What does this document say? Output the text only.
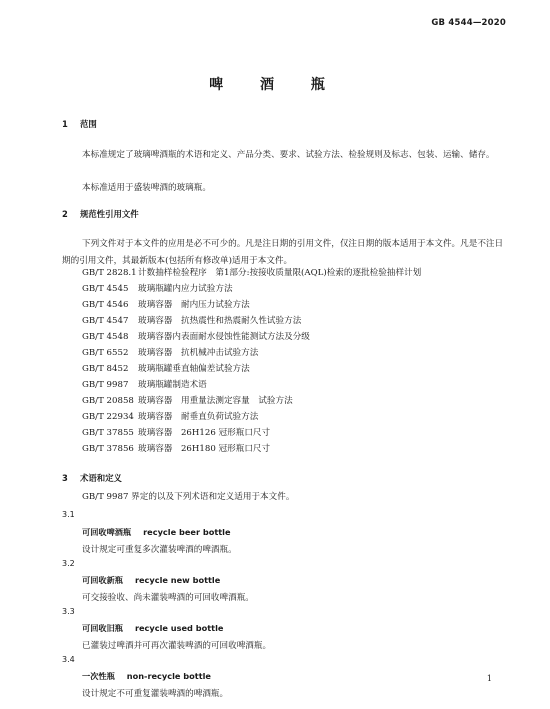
GB 4544—2020
啤 酒 瓶
1 范围
本标准规定了玻璃啤酒瓶的术语和定义、产品分类、要求、试验方法、检验规则及标志、包装、运输、储存。
本标准适用于盛装啤酒的玻璃瓶。
2 规范性引用文件
下列文件对于本文件的应用是必不可少的。凡是注日期的引用文件，仅注日期的版本适用于本文件。凡是不注日期的引用文件，其最新版本(包括所有修改单)适用于本文件。
GB/T 2828.1计数抽样检验程序　第1部分:按接收质量限(AQL)检索的逐批检验抽样计划
GB/T 4545 玻璃瓶罐内应力试验方法
GB/T 4546 玻璃容器　耐内压力试验方法
GB/T 4547 玻璃容器　抗热震性和热震耐久性试验方法
GB/T 4548 玻璃容器内表面耐水侵蚀性能测试方法及分级
GB/T 6552 玻璃容器　抗机械冲击试验方法
GB/T 8452 玻璃瓶罐垂直轴偏差试验方法
GB/T 9987 玻璃瓶罐制造术语
GB/T 20858 玻璃容器　用重量法测定容量　试验方法
GB/T 22934 玻璃容器　耐垂直负荷试验方法
GB/T 37855 玻璃容器　26H126 冠形瓶口尺寸
GB/T 37856 玻璃容器　26H180 冠形瓶口尺寸
3 术语和定义
GB/T 9987 界定的以及下列术语和定义适用于本文件。
3.1
可回收啤酒瓶 recycle beer bottle
设计规定可重复多次灌装啤酒的啤酒瓶。
3.2
可回收新瓶 recycle new bottle
可交接验收、尚未灌装啤酒的可回收啤酒瓶。
3.3
可回收旧瓶 recycle used bottle
已灌装过啤酒并可再次灌装啤酒的可回收啤酒瓶。
3.4
一次性瓶 non-recycle bottle
设计规定不可重复灌装啤酒的啤酒瓶。
1
